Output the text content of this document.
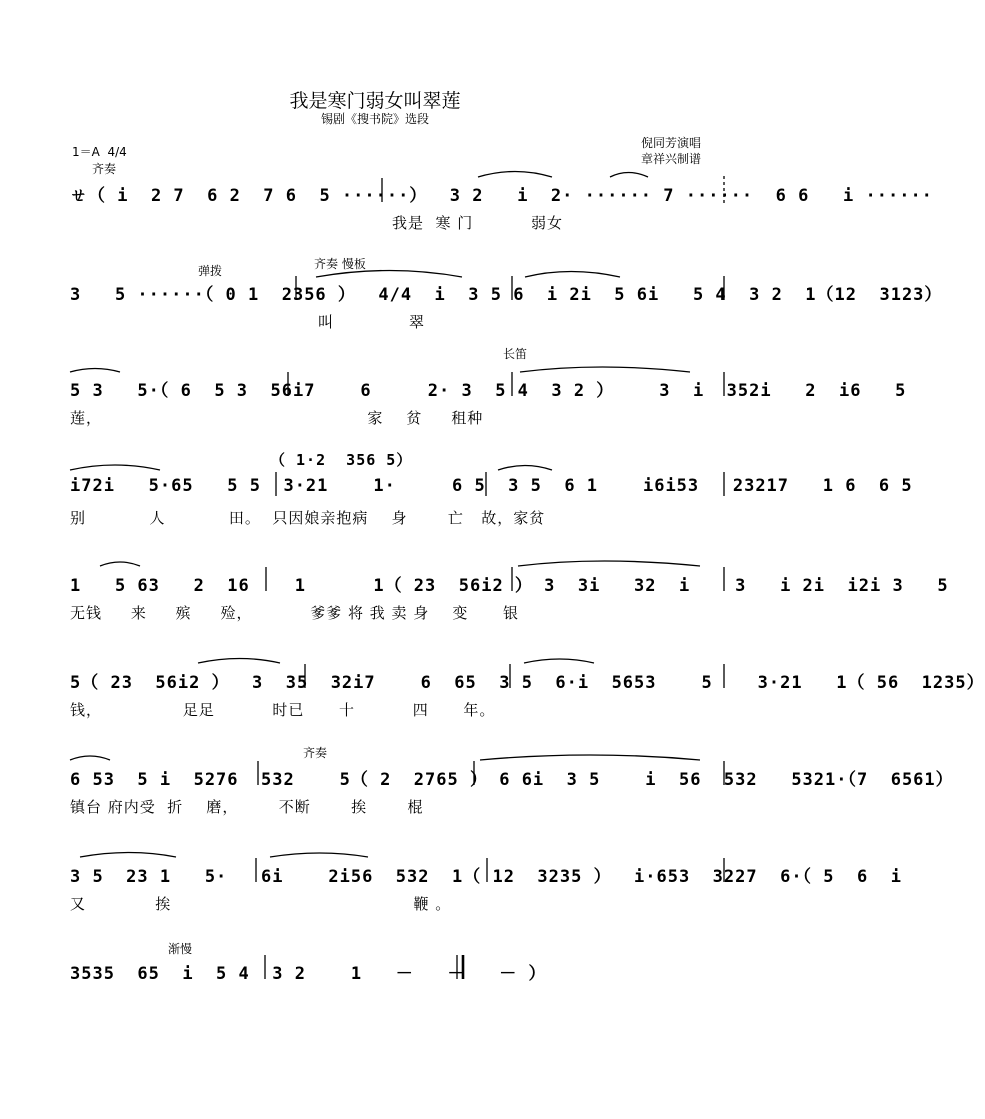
我是寒门弱女叫翠莲
锡剧《搜书院》选段
1＝A  4/4
倪同芳演唱
章祥兴制谱
齐奏
ㄝ（ i  2 7  6 2  7 6  5 ······）  3 2   i  2· ······ 7 ······  6 6   i ······
我是  寒 门          弱女
弹拨	齐奏 慢板
3   5 ······（ 0 1  2356 ）  4/4  i  3 5 6  i 2i  5 6i   5 4  3 2  1（12  3123）
叫             翠
长笛
5 3   5·（ 6  5 3  56i7    6     2· 3  5 4  3 2 ）    3  i  352i   2  i6   5
莲，                                              家    贫     租种
（ 1·2  356 5）
i72i   5·65   5 5  3·21    1·     6 5  3 5  6 1    i6i53   23217   1 6  6 5
别           人           田。  只因娘亲抱病    身       亡   故，家贫
1   5 63   2  16    1      1（ 23  56i2 ） 3  3i   32  i    3   i 2i  i2i 3   5
无钱     来     殡     殓，          爹爹 将 我 卖 身    变      银
5（ 23  56i2 ）  3  35  32i7    6  65  3 5  6·i  5653    5    3·21   1（ 56  1235）
钱，              足足          时已      十          四      年。
齐奏
6 53  5 i  5276  532    5（ 2  2765 ） 6 6i  3 5    i  56  532   5321·（7  6561）
镇台 府内受  折    磨，       不断       挨       棍
3 5  23 1   5·   6i    2i56  532  1（ 12  3235 ）  i·653  3227  6·（ 5  6  i
又            挨                                          鞭 。
渐慢
3535  65  i  5 4  3 2    1   －   －   － ）
